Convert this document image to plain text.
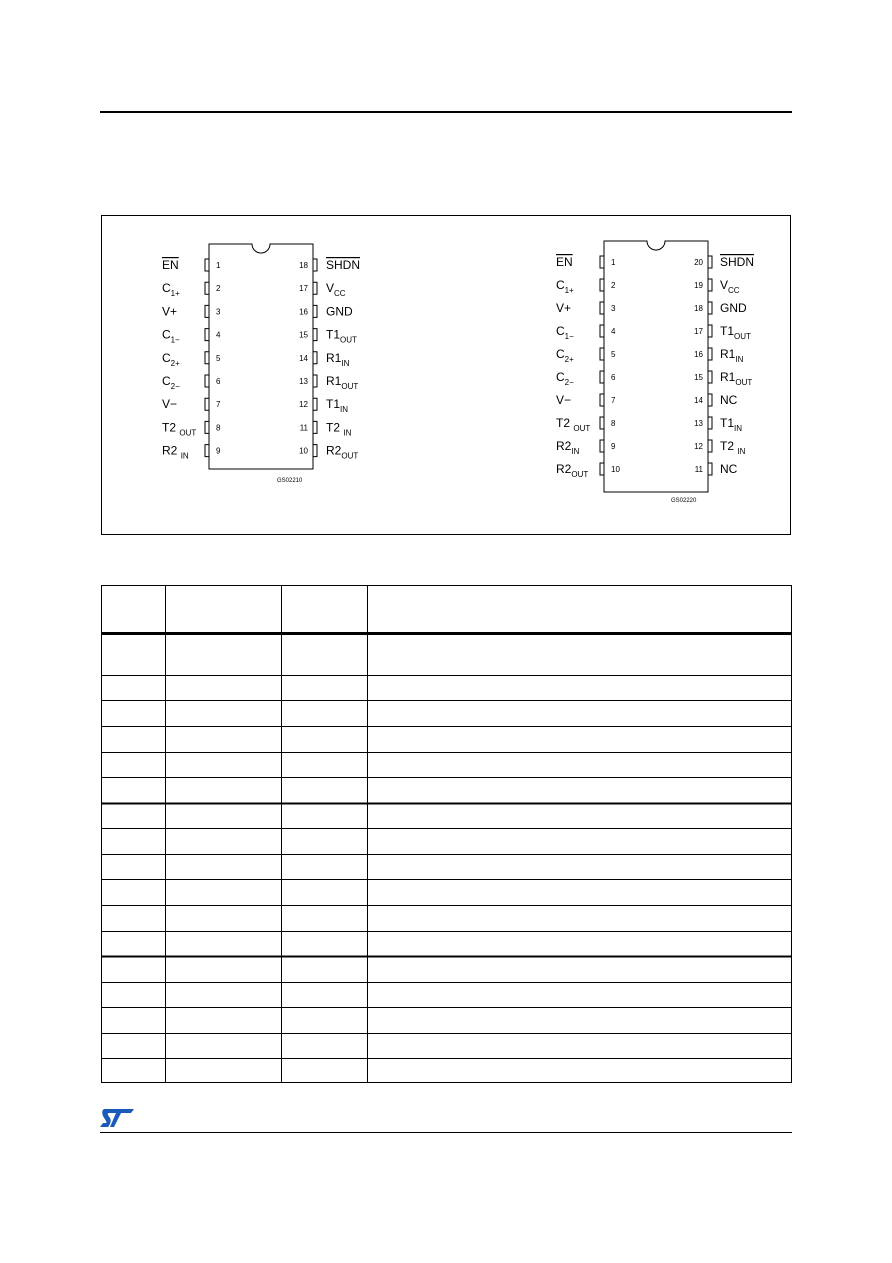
1
EN
2
$C_{1+}$
3
V+
4
$C_{1-}$
5
$C_{2+}$
6
$C_{2-}$
7
V−
8
T2 $_{OUT}$
9
R2 $_{IN}$
18 SHDN
17 $V_{CC}$
16 GND
15 $T1_{OUT}$
14 $R1_{IN}$
13 $R1_{OUT}$
12 $T1_{IN}$
11 T2 $_{IN}$
10 $R2_{OUT}$
GS02210
1
EN
2
$C_{1+}$
3
V+
4
$C_{1-}$
5
$C_{2+}$
6
$C_{2-}$
7
V−
8
T2 $_{OUT}$
9
$R2_{IN}$
10
$R2_{OUT}$
20 SHDN
19 $V_{CC}$
18 GND
17 $T1_{OUT}$
16 $R1_{IN}$
15 $R1_{OUT}$
14 NC
13 $T1_{IN}$
12 T2 $_{IN}$
11 NC
GS02220
